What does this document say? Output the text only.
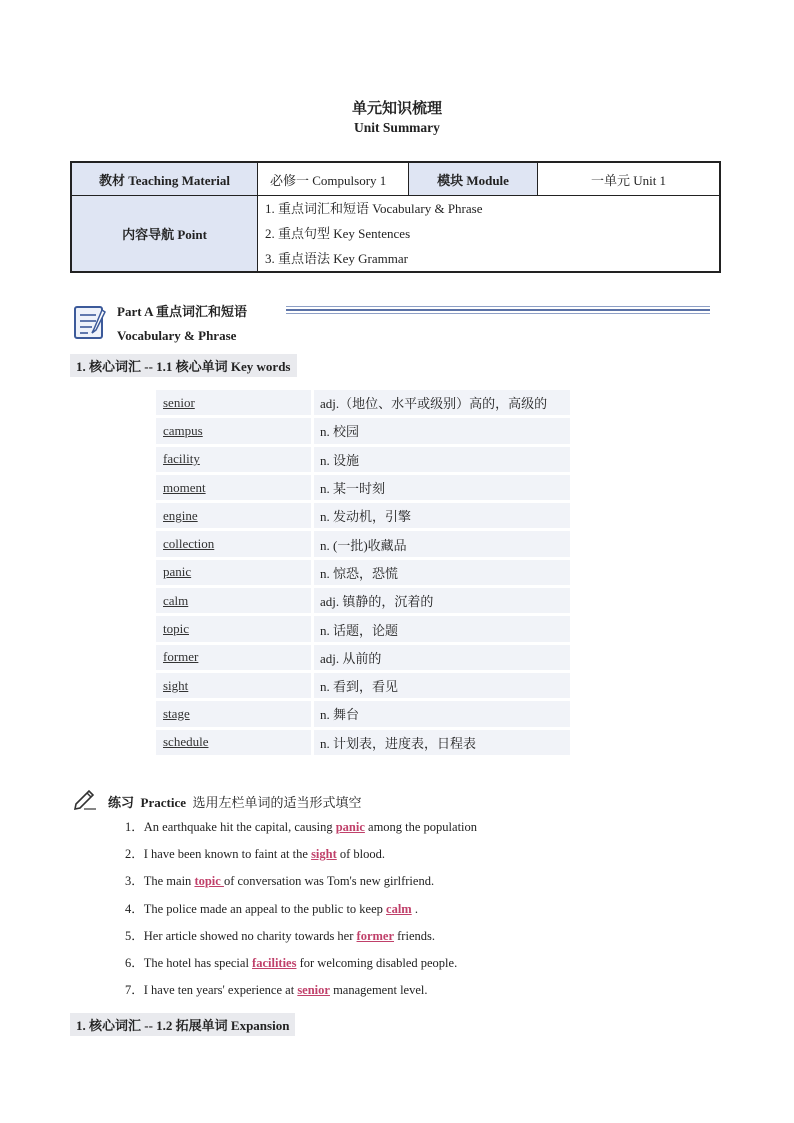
单元知识梳理
Unit Summary
教材 Teaching Material	必修一 Compulsory 1	模块 Module	一单元 Unit 1
内容导航 Point	1. 重点词汇和短语 Vocabulary & Phrase
2. 重点句型 Key Sentences
3. 重点语法 Key Grammar		
Part A 重点词汇和短语
Vocabulary & Phrase
1. 核心词汇 -- 1.1 核心单词 Key words
senior		adj.（地位、水平或级别）高的，高级的
campus		n. 校园
facility		n. 设施
moment		n. 某一时刻
engine		n. 发动机，引擎
collection		n. (一批)收藏品
panic		n. 惊恐，恐慌
calm		adj. 镇静的，沉着的
topic		n. 话题，论题
former		adj. 从前的
sight		n. 看到，看见
stage		n. 舞台
schedule		n. 计划表，进度表，日程表
练习 Practice 选用左栏单词的适当形式填空
1．An earthquake hit the capital, causing panic among the population
2．I have been known to faint at the sight of blood.
3．The main topic of conversation was Tom's new girlfriend.
4．The police made an appeal to the public to keep calm .
5．Her article showed no charity towards her former friends.
6．The hotel has special facilities for welcoming disabled people.
7．I have ten years' experience at senior management level.
1. 核心词汇 -- 1.2 拓展单词 Expansion
